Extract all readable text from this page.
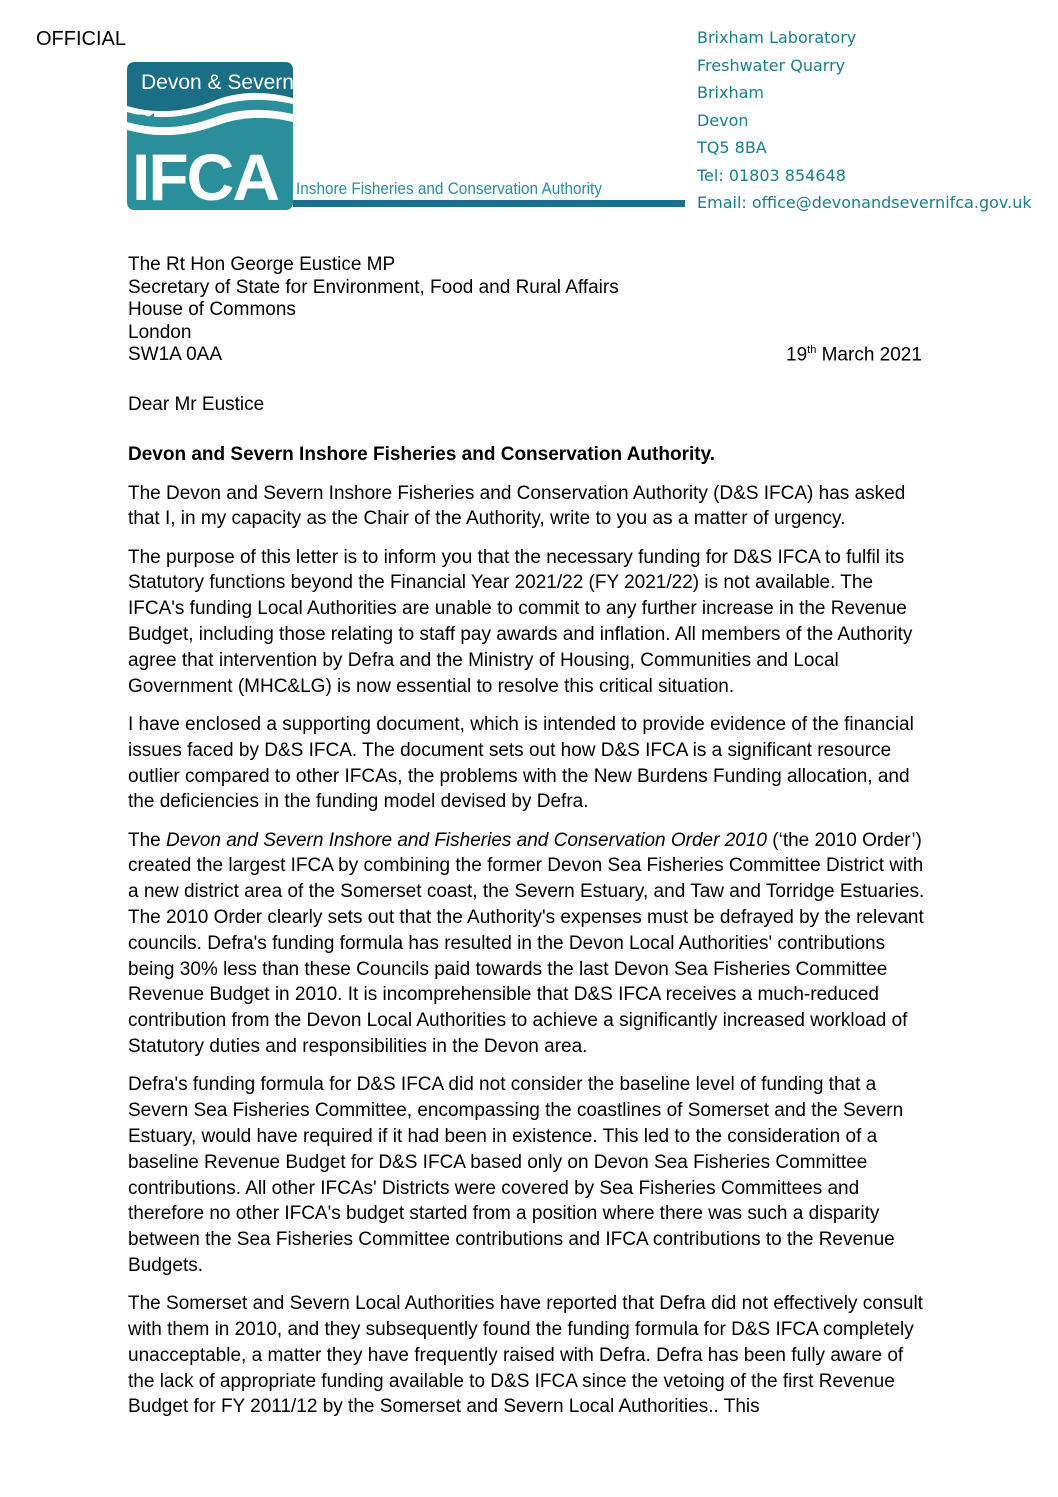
OFFICIAL
Devon & Severn
IFCA Inshore Fisheries and Conservation Authority
Brixham Laboratory
Freshwater Quarry
Brixham
Devon
TQ5 8BA
Tel: 01803 854648
Email: office@devonandsevernifca.gov.uk
The Rt Hon George Eustice MP
Secretary of State for Environment, Food and Rural Affairs
House of Commons
London
SW1A 0AA	19th March 2021

Dear Mr Eustice

Devon and Severn Inshore Fisheries and Conservation Authority.

The Devon and Severn Inshore Fisheries and Conservation Authority (D&S IFCA) has asked that I, in my capacity as the Chair of the Authority, write to you as a matter of urgency.

The purpose of this letter is to inform you that the necessary funding for D&S IFCA to fulfil its Statutory functions beyond the Financial Year 2021/22 (FY 2021/22) is not available. The IFCA's funding Local Authorities are unable to commit to any further increase in the Revenue Budget, including those relating to staff pay awards and inflation. All members of the Authority agree that intervention by Defra and the Ministry of Housing, Communities and Local Government (MHC&LG) is now essential to resolve this critical situation.

I have enclosed a supporting document, which is intended to provide evidence of the financial issues faced by D&S IFCA. The document sets out how D&S IFCA is a significant resource outlier compared to other IFCAs, the problems with the New Burdens Funding allocation, and the deficiencies in the funding model devised by Defra.

The Devon and Severn Inshore and Fisheries and Conservation Order 2010 (‘the 2010 Order’) created the largest IFCA by combining the former Devon Sea Fisheries Committee District with a new district area of the Somerset coast, the Severn Estuary, and Taw and Torridge Estuaries. The 2010 Order clearly sets out that the Authority's expenses must be defrayed by the relevant councils. Defra's funding formula has resulted in the Devon Local Authorities' contributions being 30% less than these Councils paid towards the last Devon Sea Fisheries Committee Revenue Budget in 2010. It is incomprehensible that D&S IFCA receives a much-reduced contribution from the Devon Local Authorities to achieve a significantly increased workload of Statutory duties and responsibilities in the Devon area.

Defra's funding formula for D&S IFCA did not consider the baseline level of funding that a Severn Sea Fisheries Committee, encompassing the coastlines of Somerset and the Severn Estuary, would have required if it had been in existence. This led to the consideration of a baseline Revenue Budget for D&S IFCA based only on Devon Sea Fisheries Committee contributions. All other IFCAs' Districts were covered by Sea Fisheries Committees and therefore no other IFCA's budget started from a position where there was such a disparity between the Sea Fisheries Committee contributions and IFCA contributions to the Revenue Budgets.

The Somerset and Severn Local Authorities have reported that Defra did not effectively consult with them in 2010, and they subsequently found the funding formula for D&S IFCA completely unacceptable, a matter they have frequently raised with Defra. Defra has been fully aware of the lack of appropriate funding available to D&S IFCA since the vetoing of the first Revenue Budget for FY 2011/12 by the Somerset and Severn Local Authorities.. This
